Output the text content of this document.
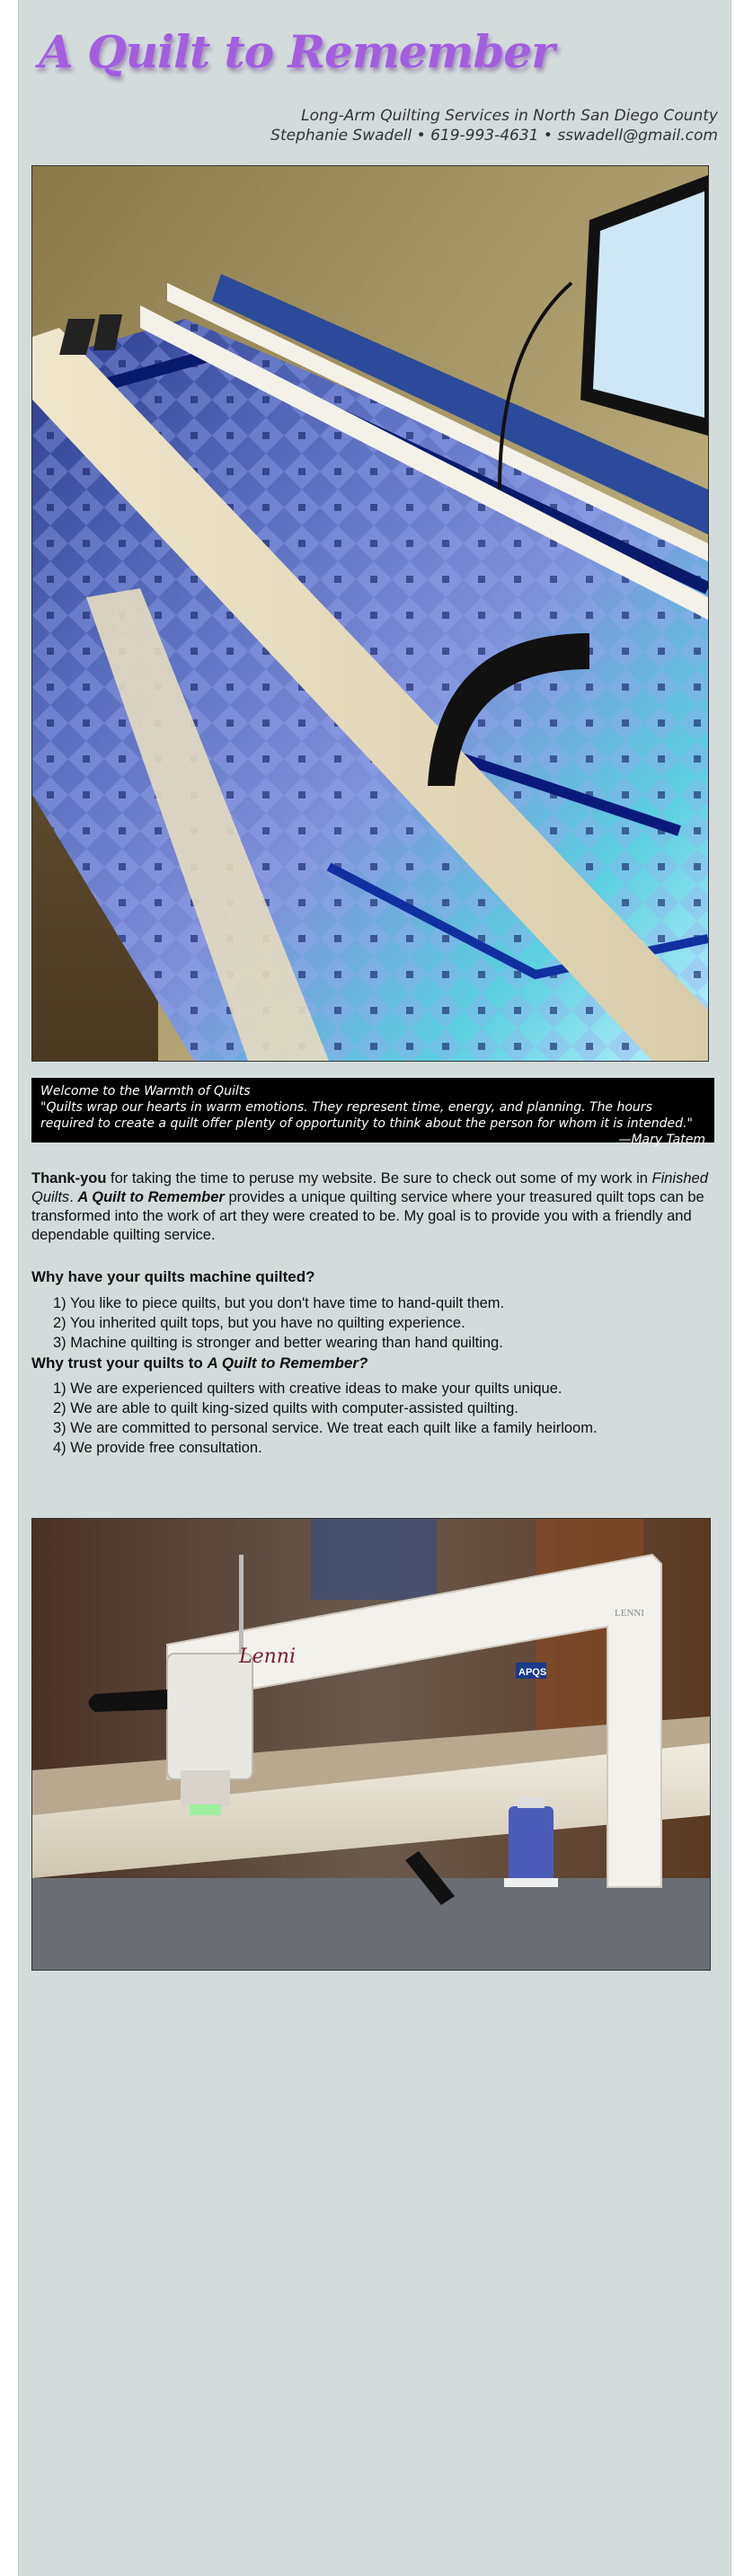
A Quilt to Remember
Long-Arm Quilting Services in North San Diego County
Stephanie Swadell • 619-993-4631 • sswadell@gmail.com
Welcome to the Warmth of Quilts
"Quilts wrap our hearts in warm emotions. They represent time, energy, and planning. The hours required to create a quilt offer plenty of opportunity to think about the person for whom it is intended."
—Mary Tatem
Thank-you for taking the time to peruse my website. Be sure to check out some of my work in Finished Quilts. A Quilt to Remember provides a unique quilting service where your treasured quilt tops can be transformed into the work of art they were created to be. My goal is to provide you with a friendly and dependable quilting service.
Why have your quilts machine quilted?
1) You like to piece quilts, but you don't have time to hand-quilt them.
2) You inherited quilt tops, but you have no quilting experience.
3) Machine quilting is stronger and better wearing than hand quilting.
Why trust your quilts to A Quilt to Remember?
1) We are experienced quilters with creative ideas to make your quilts unique.
2) We are able to quilt king-sized quilts with computer-assisted quilting.
3) We are committed to personal service. We treat each quilt like a family heirloom.
4) We provide free consultation.
Lenni
APQS
LENNI
